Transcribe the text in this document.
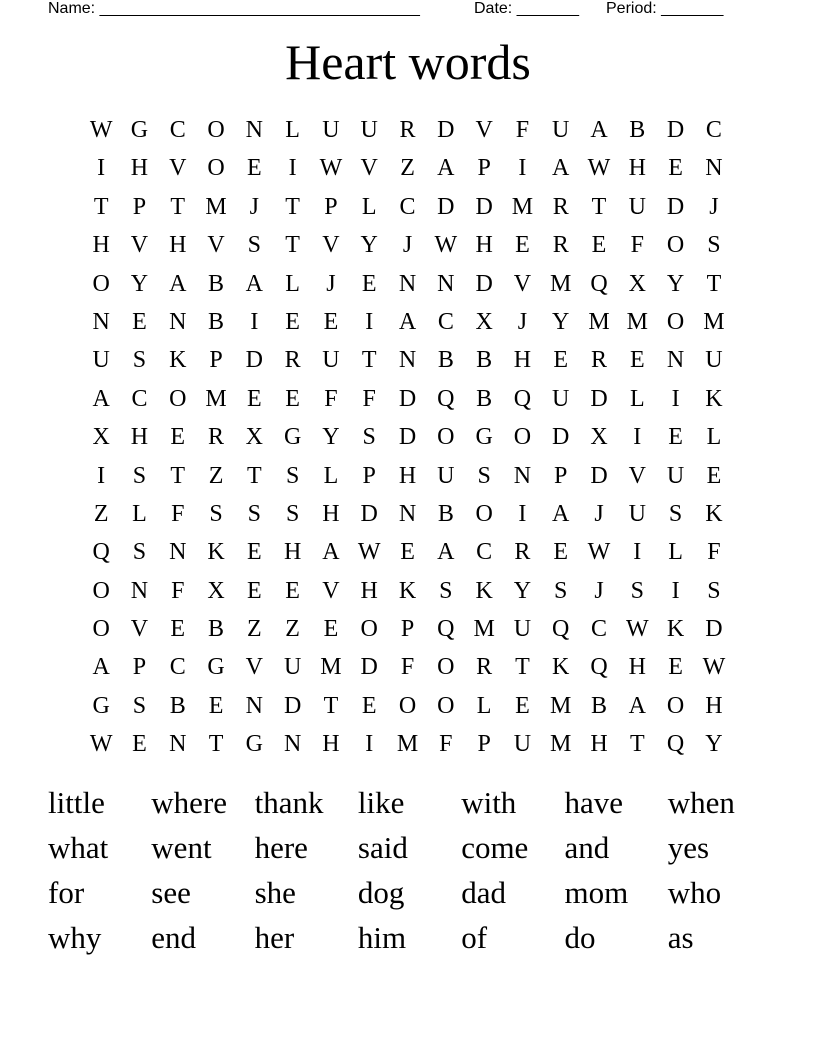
Name: ____________________________________	Date: _______ Period: _______
Heart words
W G C O N L U U R D V F U A B D C
I	H V O E	I W V Z A P	I	A W H E N
T	P	T M J	T	P	L C D D M R T U D	J
H V H V S	T V Y	J W H E R E	F O S
O Y A B A L	J	E N N D V M Q X Y T
N E N B	I	E E	I	A C X	J	Y M M O M
U S K P D R U T N B B H E R E N U
A C O M E E	F	F D Q B Q U D L	I	K
X H E R X G Y S D O G O D X	I	E L
I	S	T Z T	S	L	P H U S N P D V U E
Z L	F	S	S	S H D N B O	I	A	J	U S K
Q S N K E H A W E A C R E W I	L	F
O N F X E E V H K S K Y S	J	S	I	S
O V E B Z Z E O P Q M U Q C W K D
A P C G V U M D F O R T K Q H E W
G S B E N D T E O O L E M B A O H
W E N T G N H	I M F	P U M H T Q Y
little	where thank	like	with	have	when
what	went	here	said	come	and	yes
for	see	she	dog	dad	mom	who
why	end	her	him	of	do	as
